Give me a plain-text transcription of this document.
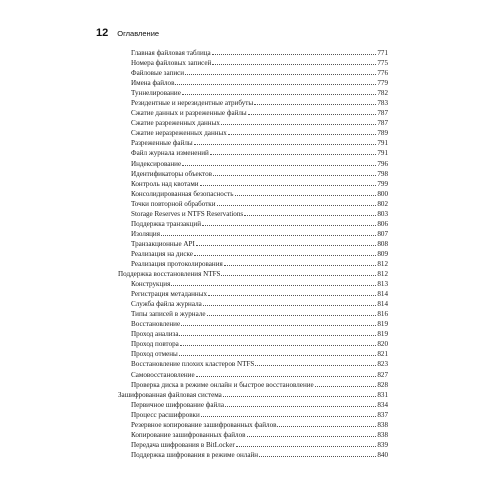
12 Оглавление
Главная файловая таблица	771
Номера файловых записей	775
Файловые записи	776
Имена файлов	779
Туннелирование	782
Резидентные и нерезидентные атрибуты	783
Сжатие данных и разреженные файлы	787
Сжатие разреженных данных	787
Сжатие неразреженных данных	789
Разреженные файлы	791
Файл журнала изменений	791
Индексирование	796
Идентификаторы объектов	798
Контроль над квотами	799
Консолидированная безопасность	800
Точки повторной обработки	802
Storage Reserves и NTFS Reservations	803
Поддержка транзакций	806
Изоляция	807
Транзакционные API	808
Реализация на диске	809
Реализация протоколирования	812
Поддержка восстановления NTFS	812
Конструкция	813
Регистрация метаданных	814
Служба файла журнала	814
Типы записей в журнале	816
Восстановление	819
Проход анализа	819
Проход повтора	820
Проход отмены	821
Восстановление плохих кластеров NTFS	823
Самовосстановление	827
Проверка диска в режиме онлайн и быстрое восстановление	828
Зашифрованная файловая система	831
Первичное шифрование файла	834
Процесс расшифровки	837
Резервное копирование зашифрованных файлов	838
Копирование зашифрованных файлов	838
Передача шифрования в BitLocker	839
Поддержка шифрования в режиме онлайн	840
